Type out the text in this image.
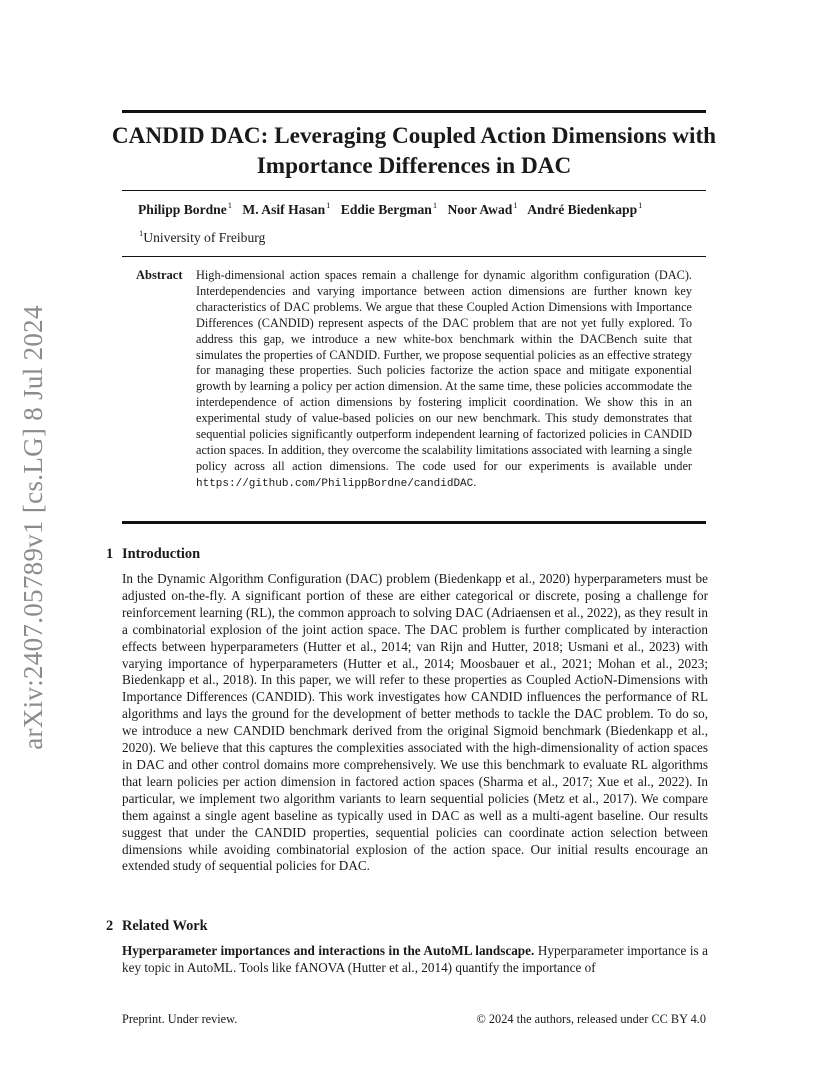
arXiv:2407.05789v1 [cs.LG] 8 Jul 2024
CANDID DAC: Leveraging Coupled Action Dimensions with
Importance Differences in DAC
Philipp Bordne$^1$ M. Asif Hasan$^1$ Eddie Bergman$^1$ Noor Awad$^1$ André Biedenkapp$^1$
$^1$University of Freiburg
Abstract High-dimensional action spaces remain a challenge for dynamic algorithm configuration (DAC). Interdependencies and varying importance between action dimensions are further known key characteristics of DAC problems. We argue that these Coupled Action Dimensions with Importance Differences (CANDID) represent aspects of the DAC problem that are not yet fully explored. To address this gap, we introduce a new white-box benchmark within the DACBench suite that simulates the properties of CANDID. Further, we propose sequential policies as an effective strategy for managing these properties. Such policies factorize the action space and mitigate exponential growth by learning a policy per action dimension. At the same time, these policies accommodate the interdependence of action dimensions by fostering implicit coordination. We show this in an experimental study of value-based policies on our new benchmark. This study demonstrates that sequential policies significantly outperform independent learning of factorized policies in CANDID action spaces. In addition, they overcome the scalability limitations associated with learning a single policy across all action dimensions. The code used for our experiments is available under https://github.com/PhilippBordne/candidDAC.

1 Introduction

In the Dynamic Algorithm Configuration (DAC) problem (Biedenkapp et al., 2020) hyperparameters must be adjusted on-the-fly. A significant portion of these are either categorical or discrete, posing a challenge for reinforcement learning (RL), the common approach to solving DAC (Adriaensen et al., 2022), as they result in a combinatorial explosion of the joint action space. The DAC problem is further complicated by interaction effects between hyperparameters (Hutter et al., 2014; van Rijn and Hutter, 2018; Usmani et al., 2023) with varying importance of hyperparameters (Hutter et al., 2014; Moosbauer et al., 2021; Mohan et al., 2023; Biedenkapp et al., 2018). In this paper, we will refer to these properties as Coupled ActioN-Dimensions with Importance Differences (CANDID). This work investigates how CANDID influences the performance of RL algorithms and lays the ground for the development of better methods to tackle the DAC problem. To do so, we introduce a new CANDID benchmark derived from the original Sigmoid benchmark (Biedenkapp et al., 2020). We believe that this captures the complexities associated with the high-dimensionality of action spaces in DAC and other control domains more comprehensively. We use this benchmark to evaluate RL algorithms that learn policies per action dimension in factored action spaces (Sharma et al., 2017; Xue et al., 2022). In particular, we implement two algorithm variants to learn sequential policies (Metz et al., 2017). We compare them against a single agent baseline as typically used in DAC as well as a multi-agent baseline. Our results suggest that under the CANDID properties, sequential policies can coordinate action selection between dimensions while avoiding combinatorial explosion of the action space. Our initial results encourage an extended study of sequential policies for DAC.

2 Related Work

Hyperparameter importances and interactions in the AutoML landscape. Hyperparameter importance is a key topic in AutoML. Tools like fANOVA (Hutter et al., 2014) quantify the importance of

Preprint. Under review.	© 2024 the authors, released under CC BY 4.0
